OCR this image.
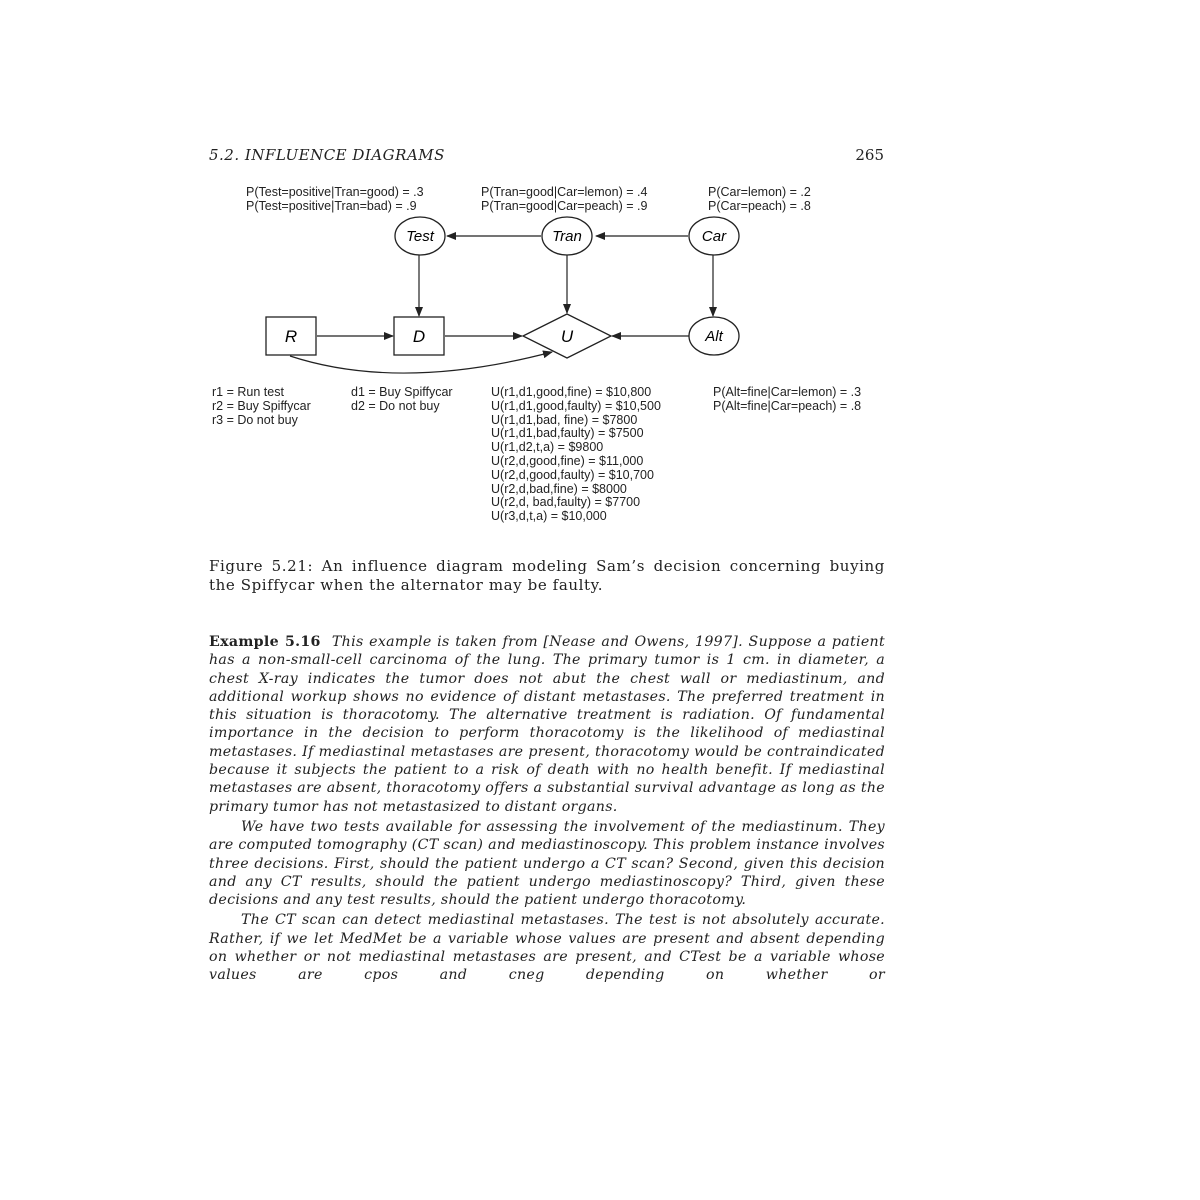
5.2. INFLUENCE DIAGRAMS	265
Test	Tran	Car
Alt
R	D	U
P(Test=positive|Tran=good) = .3
P(Test=positive|Tran=bad) = .9
P(Tran=good|Car=lemon) = .4
P(Tran=good|Car=peach) = .9
P(Car=lemon) = .2
P(Car=peach) = .8
r1 = Run test
r2 = Buy Spiffycar
r3 = Do not buy
d1 = Buy Spiffycar
d2 = Do not buy
U(r1,d1,good,fine) = $10,800
U(r1,d1,good,faulty) = $10,500
U(r1,d1,bad, fine) = $7800
U(r1,d1,bad,faulty) = $7500
U(r1,d2,t,a) = $9800
U(r2,d,good,fine) = $11,000
U(r2,d,good,faulty) = $10,700
U(r2,d,bad,fine) = $8000
U(r2,d, bad,faulty) = $7700
U(r3,d,t,a) = $10,000
P(Alt=fine|Car=lemon) = .3
P(Alt=fine|Car=peach) = .8
Figure 5.21: An influence diagram modeling Sam’s decision concerning buying the Spiffycar when the alternator may be faulty.

Example 5.16 This example is taken from [Nease and Owens, 1997]. Suppose a patient has a non-small-cell carcinoma of the lung. The primary tumor is 1 cm. in diameter, a chest X-ray indicates the tumor does not abut the chest wall or mediastinum, and additional workup shows no evidence of distant metastases. The preferred treatment in this situation is thoracotomy. The alternative treatment is radiation. Of fundamental importance in the decision to perform thoracotomy is the likelihood of mediastinal metastases. If mediastinal metastases are present, thoracotomy would be contraindicated because it subjects the patient to a risk of death with no health benefit. If mediastinal metastases are absent, thoracotomy offers a substantial survival advantage as long as the primary tumor has not metastasized to distant organs.

We have two tests available for assessing the involvement of the mediastinum. They are computed tomography (CT scan) and mediastinoscopy. This problem instance involves three decisions. First, should the patient undergo a CT scan? Second, given this decision and any CT results, should the patient undergo mediastinoscopy? Third, given these decisions and any test results, should the patient undergo thoracotomy.

The CT scan can detect mediastinal metastases. The test is not absolutely accurate. Rather, if we let MedMet be a variable whose values are present and absent depending on whether or not mediastinal metastases are present, and CTest be a variable whose values are cpos and cneg depending on whether or
